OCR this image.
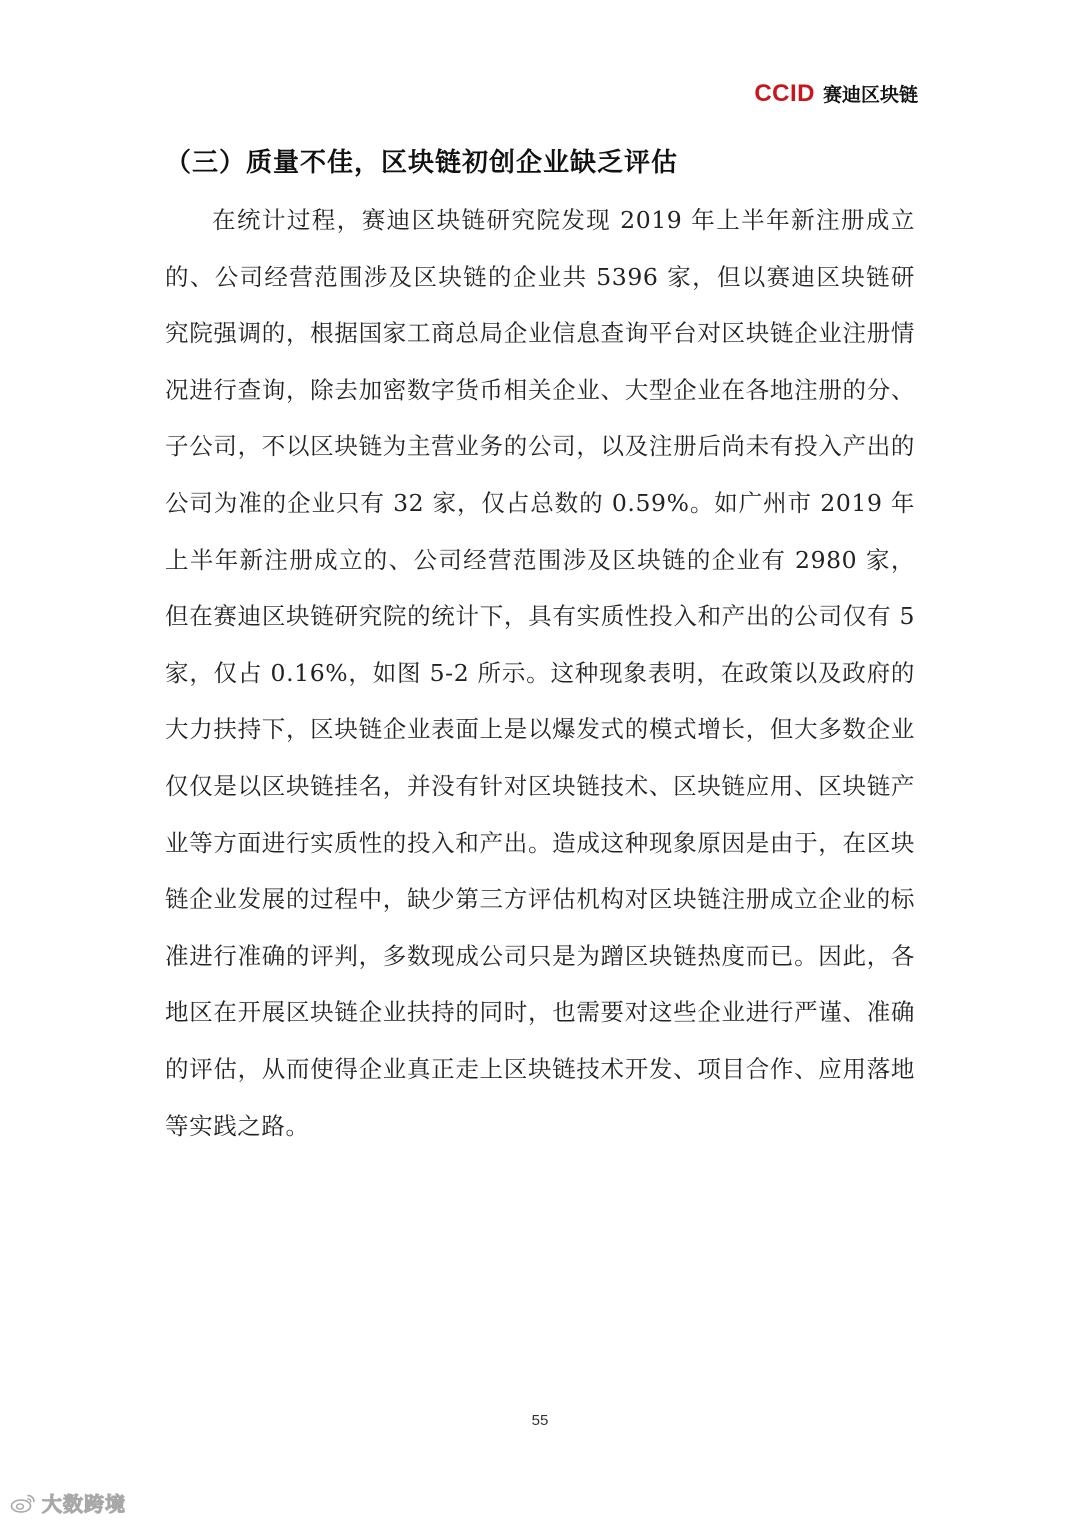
CCID 赛迪区块链
（三）质量不佳，区块链初创企业缺乏评估

在统计过程，赛迪区块链研究院发现 2019 年上半年新注册成立的、公司经营范围涉及区块链的企业共 5396 家，但以赛迪区块链研究院强调的，根据国家工商总局企业信息查询平台对区块链企业注册情况进行查询，除去加密数字货币相关企业、大型企业在各地注册的分、子公司，不以区块链为主营业务的公司，以及注册后尚未有投入产出的公司为准的企业只有 32 家，仅占总数的 0.59%。如广州市 2019 年上半年新注册成立的、公司经营范围涉及区块链的企业有 2980 家，但在赛迪区块链研究院的统计下，具有实质性投入和产出的公司仅有 5 家，仅占 0.16%，如图 5-2 所示。这种现象表明，在政策以及政府的大力扶持下，区块链企业表面上是以爆发式的模式增长，但大多数企业仅仅是以区块链挂名，并没有针对区块链技术、区块链应用、区块链产业等方面进行实质性的投入和产出。造成这种现象原因是由于，在区块链企业发展的过程中，缺少第三方评估机构对区块链注册成立企业的标准进行准确的评判，多数现成公司只是为蹭区块链热度而已。因此，各地区在开展区块链企业扶持的同时，也需要对这些企业进行严谨、准确的评估，从而使得企业真正走上区块链技术开发、项目合作、应用落地等实践之路。

55
大数跨境
